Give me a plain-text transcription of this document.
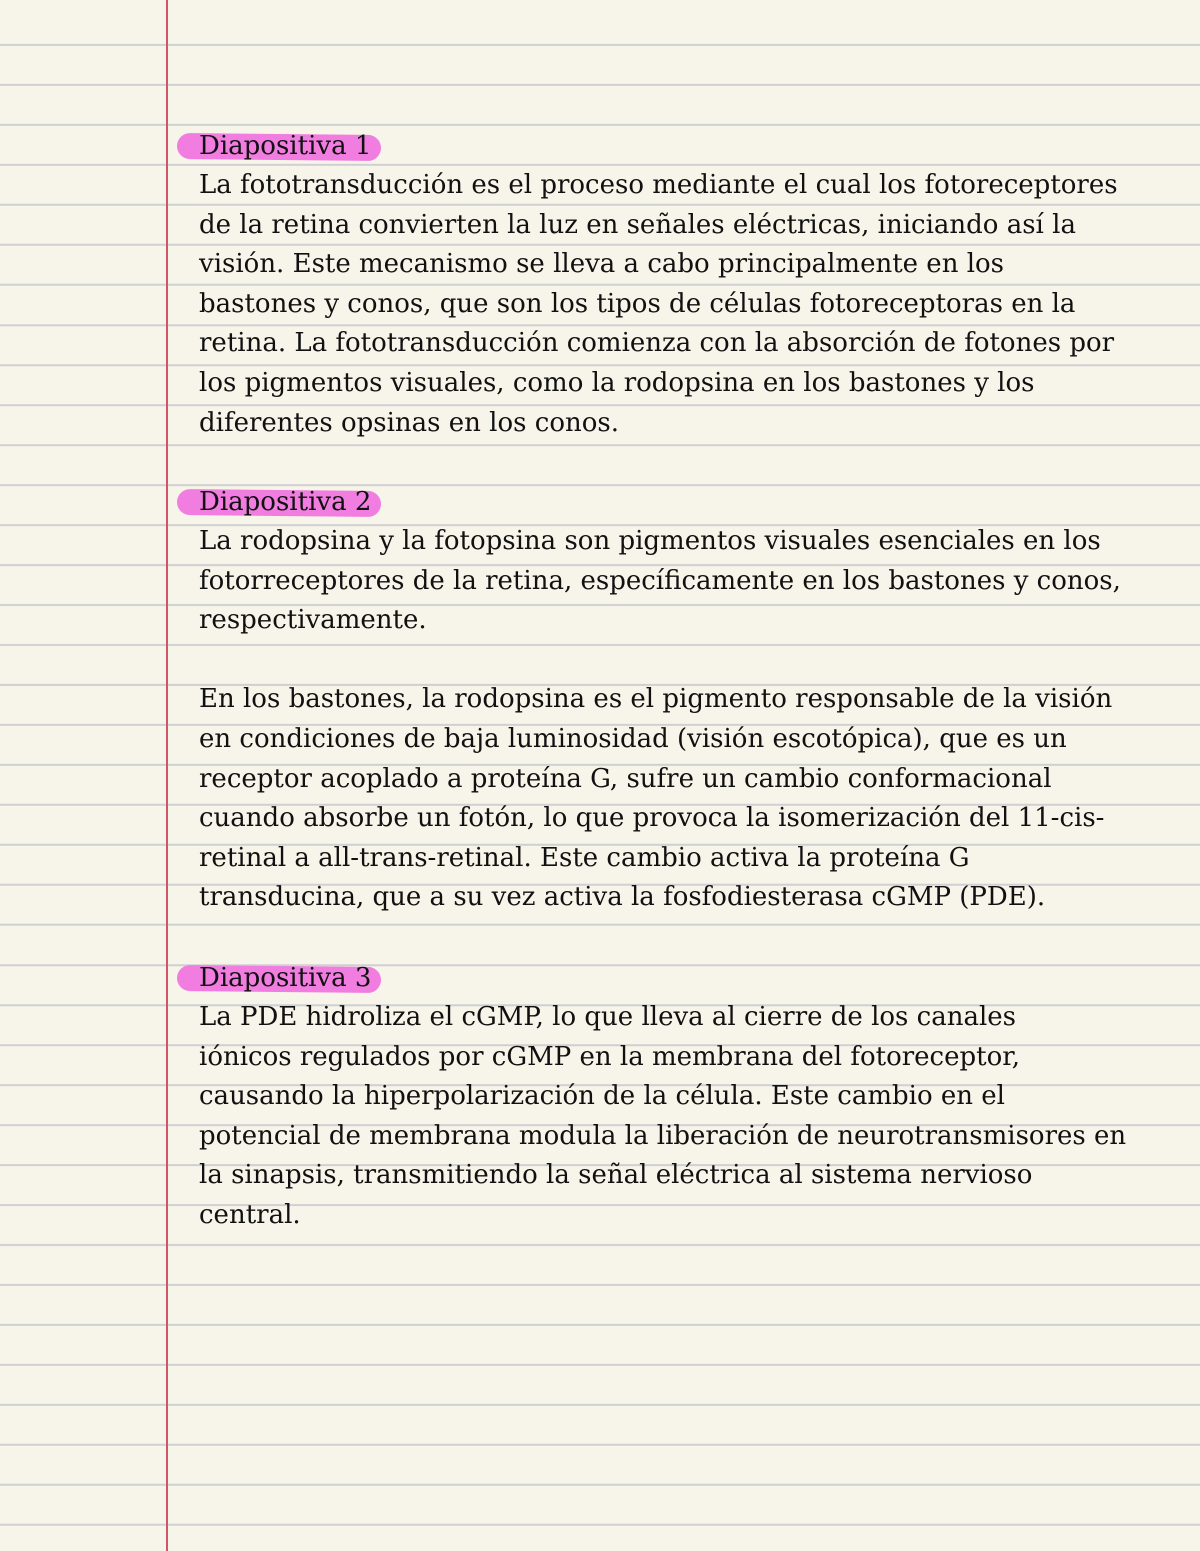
Diapositiva 1

La fototransducción es el proceso mediante el cual los fotoreceptores
de la retina convierten la luz en señales eléctricas, iniciando así la
visión. Este mecanismo se lleva a cabo principalmente en los
bastones y conos, que son los tipos de células fotoreceptoras en la
retina. La fototransducción comienza con la absorción de fotones por
los pigmentos visuales, como la rodopsina en los bastones y los
diferentes opsinas en los conos.

Diapositiva 2

La rodopsina y la fotopsina son pigmentos visuales esenciales en los
fotorreceptores de la retina, específicamente en los bastones y conos,
respectivamente.

En los bastones, la rodopsina es el pigmento responsable de la visión
en condiciones de baja luminosidad (visión escotópica), que es un
receptor acoplado a proteína G, sufre un cambio conformacional
cuando absorbe un fotón, lo que provoca la isomerización del 11-cis-
retinal a all-trans-retinal. Este cambio activa la proteína G
transducina, que a su vez activa la fosfodiesterasa cGMP (PDE).

Diapositiva 3

La PDE hidroliza el cGMP, lo que lleva al cierre de los canales
iónicos regulados por cGMP en la membrana del fotoreceptor,
causando la hiperpolarización de la célula. Este cambio en el
potencial de membrana modula la liberación de neurotransmisores en
la sinapsis, transmitiendo la señal eléctrica al sistema nervioso
central.
